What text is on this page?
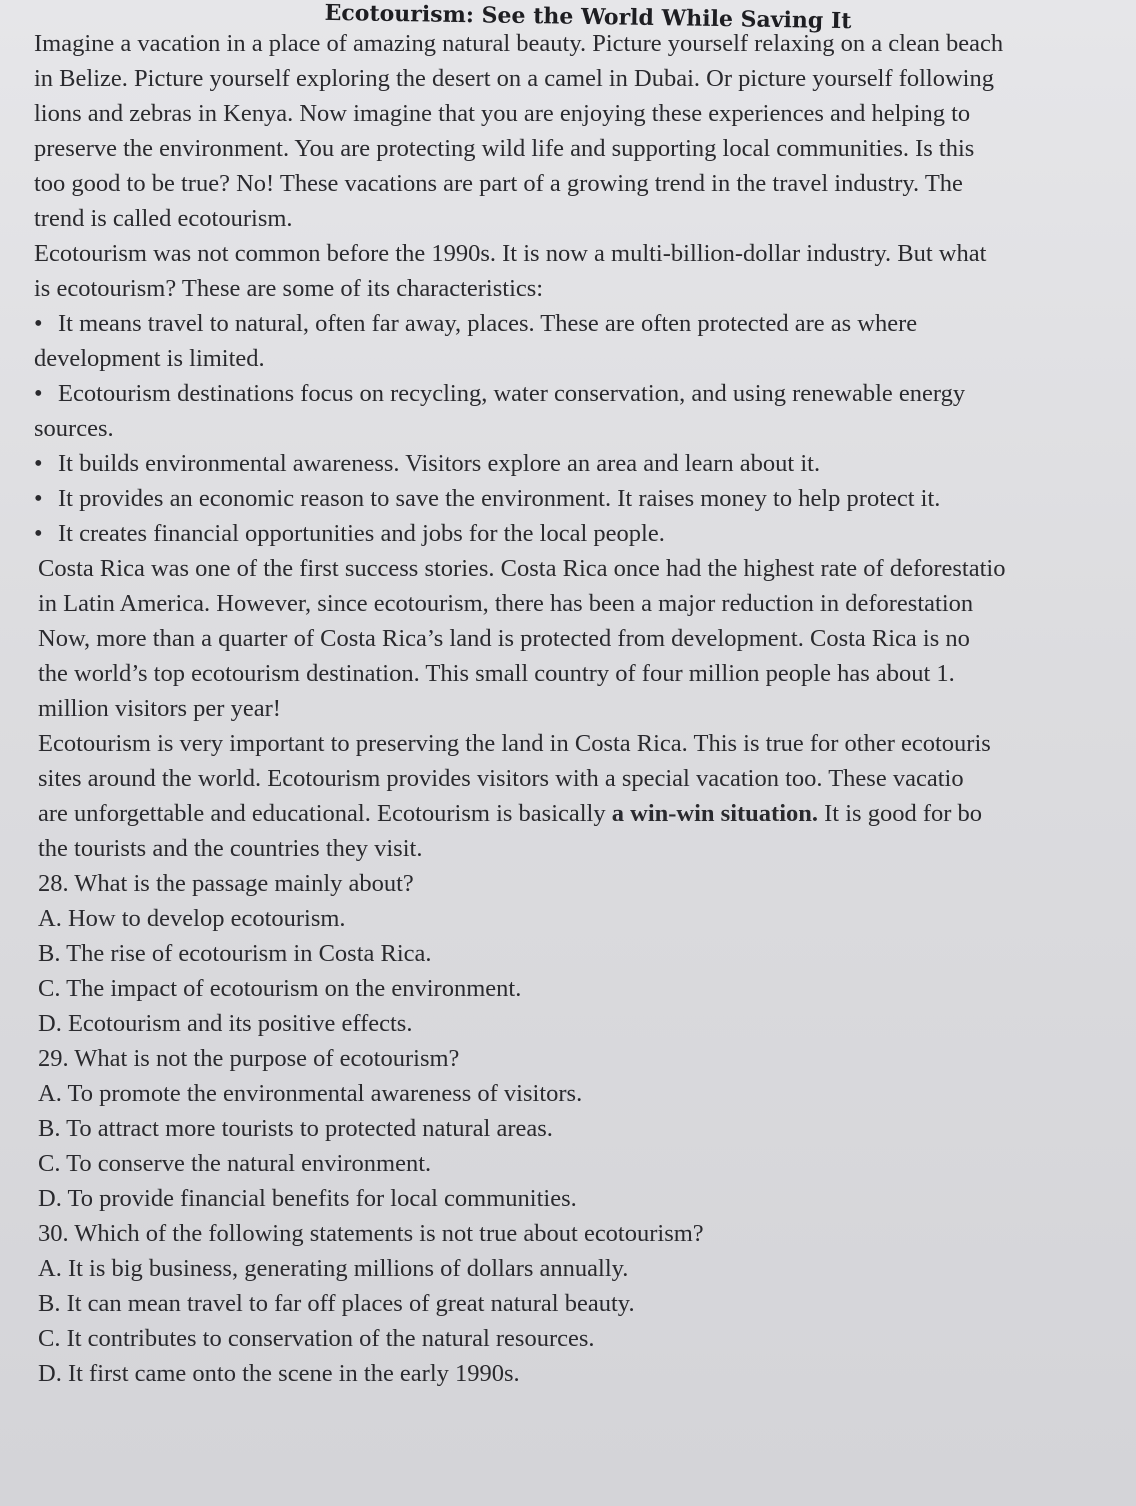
Ecotourism: See the World While Saving It
Imagine a vacation in a place of amazing natural beauty. Picture yourself relaxing on a clean beach
in Belize. Picture yourself exploring the desert on a camel in Dubai. Or picture yourself following
lions and zebras in Kenya. Now imagine that you are enjoying these experiences and helping to
preserve the environment. You are protecting wild life and supporting local communities. Is this
too good to be true? No! These vacations are part of a growing trend in the travel industry. The
trend is called ecotourism.
Ecotourism was not common before the 1990s. It is now a multi-billion-dollar industry. But what
is ecotourism? These are some of its characteristics:
• It means travel to natural, often far away, places. These are often protected are as where
development is limited.
• Ecotourism destinations focus on recycling, water conservation, and using renewable energy
sources.
• It builds environmental awareness. Visitors explore an area and learn about it.
• It provides an economic reason to save the environment. It raises money to help protect it.
• It creates financial opportunities and jobs for the local people.
Costa Rica was one of the first success stories. Costa Rica once had the highest rate of deforestatio
in Latin America. However, since ecotourism, there has been a major reduction in deforestation
Now, more than a quarter of Costa Rica’s land is protected from development. Costa Rica is no
the world’s top ecotourism destination. This small country of four million people has about 1.
million visitors per year!
Ecotourism is very important to preserving the land in Costa Rica. This is true for other ecotouris
sites around the world. Ecotourism provides visitors with a special vacation too. These vacatio
are unforgettable and educational. Ecotourism is basically a win-win situation. It is good for bo
the tourists and the countries they visit.
28. What is the passage mainly about?
A. How to develop ecotourism.
B. The rise of ecotourism in Costa Rica.
C. The impact of ecotourism on the environment.
D. Ecotourism and its positive effects.
29. What is not the purpose of ecotourism?
A. To promote the environmental awareness of visitors.
B. To attract more tourists to protected natural areas.
C. To conserve the natural environment.
D. To provide financial benefits for local communities.
30. Which of the following statements is not true about ecotourism?
A. It is big business, generating millions of dollars annually.
B. It can mean travel to far off places of great natural beauty.
C. It contributes to conservation of the natural resources.
D. It first came onto the scene in the early 1990s.
